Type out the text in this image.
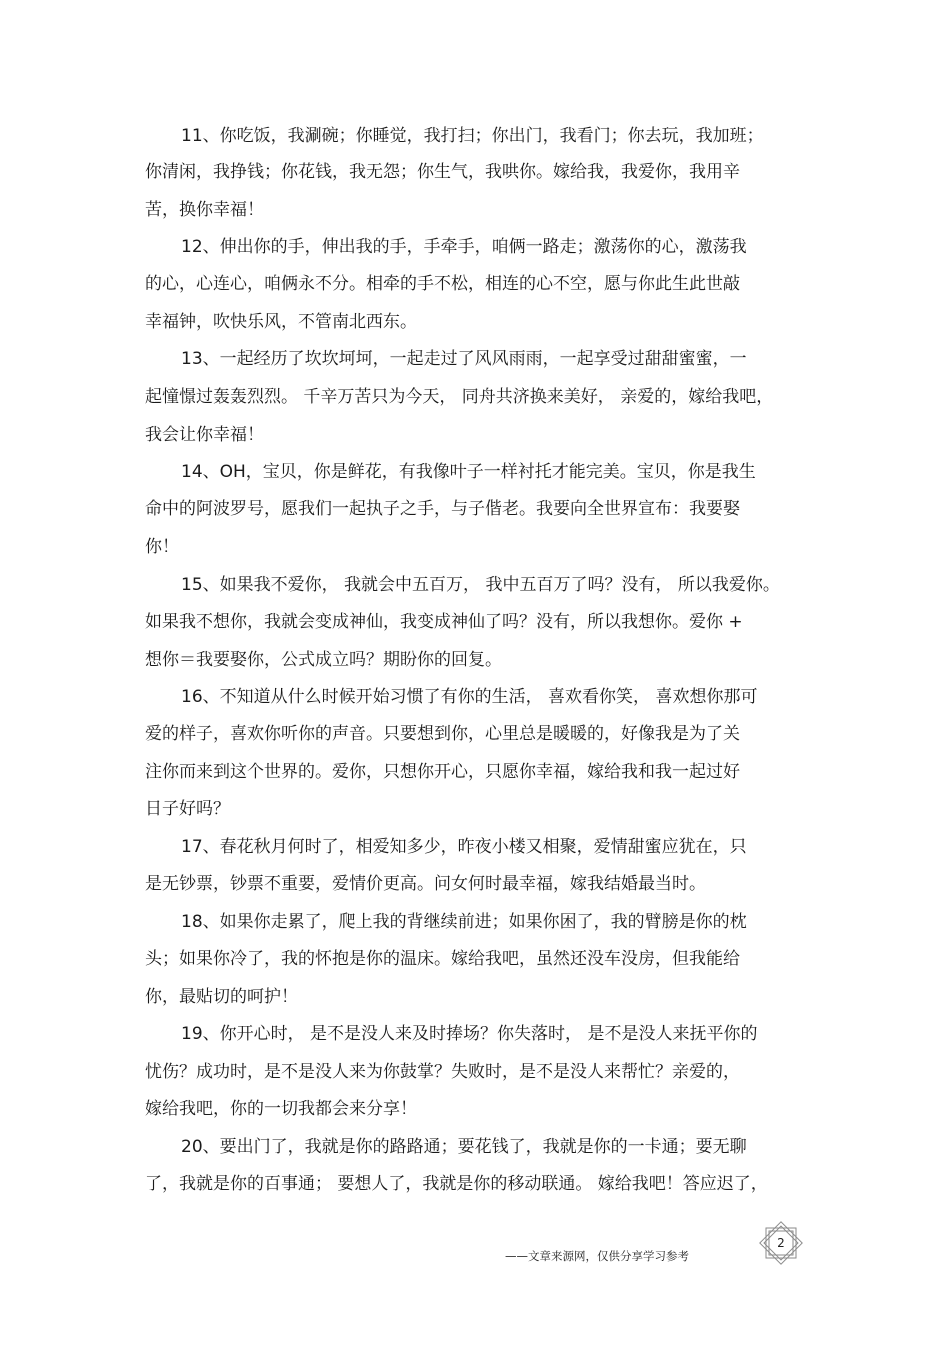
11、你吃饭，我涮碗；你睡觉，我打扫；你出门，我看门；你去玩，我加班；
你清闲，我挣钱；你花钱，我无怨；你生气，我哄你。嫁给我，我爱你，我用辛
苦，换你幸福！
12、伸出你的手，伸出我的手，手牵手，咱俩一路走；激荡你的心，激荡我
的心，心连心，咱俩永不分。相牵的手不松，相连的心不空，愿与你此生此世敲
幸福钟，吹快乐风，不管南北西东。
13、一起经历了坎坎坷坷，一起走过了风风雨雨，一起享受过甜甜蜜蜜，一
起憧憬过轰轰烈烈。 千辛万苦只为今天， 同舟共济换来美好， 亲爱的，嫁给我吧，
我会让你幸福！
14、OH，宝贝，你是鲜花，有我像叶子一样衬托才能完美。宝贝，你是我生
命中的阿波罗号，愿我们一起执子之手，与子偕老。我要向全世界宣布：我要娶
你！
15、如果我不爱你， 我就会中五百万， 我中五百万了吗？没有， 所以我爱你。
如果我不想你，我就会变成神仙，我变成神仙了吗？没有，所以我想你。爱你 +
想你＝我要娶你，公式成立吗？期盼你的回复。
16、不知道从什么时候开始习惯了有你的生活， 喜欢看你笑， 喜欢想你那可
爱的样子，喜欢你听你的声音。只要想到你，心里总是暖暖的，好像我是为了关
注你而来到这个世界的。爱你，只想你开心，只愿你幸福，嫁给我和我一起过好
日子好吗？
17、春花秋月何时了，相爱知多少，昨夜小楼又相聚，爱情甜蜜应犹在，只
是无钞票，钞票不重要，爱情价更高。问女何时最幸福，嫁我结婚最当时。
18、如果你走累了，爬上我的背继续前进；如果你困了，我的臂膀是你的枕
头；如果你冷了，我的怀抱是你的温床。嫁给我吧，虽然还没车没房，但我能给
你，最贴切的呵护！
19、你开心时， 是不是没人来及时捧场？你失落时， 是不是没人来抚平你的
忧伤？成功时，是不是没人来为你鼓掌？失败时，是不是没人来帮忙？亲爱的，
嫁给我吧，你的一切我都会来分享！
20、要出门了，我就是你的路路通；要花钱了，我就是你的一卡通；要无聊
了，我就是你的百事通； 要想人了，我就是你的移动联通。 嫁给我吧！答应迟了，
——文章来源网，仅供分享学习参考
2
